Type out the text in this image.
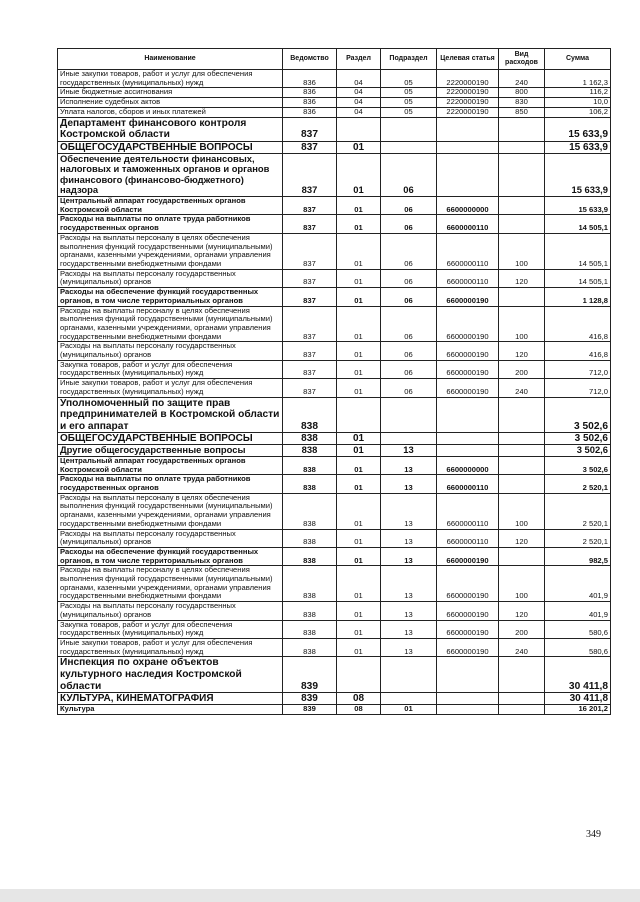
Наименование	Ведомство	Раздел	Подраздел	Целевая статья	Вид расходов	Сумма
Иные закупки товаров, работ и услуг для обеспечения государственных (муниципальных) нужд	836	04	05	2220000190	240	1 162,3
Иные бюджетные ассигнования	836	04	05	2220000190	800	116,2
Исполнение судебных актов	836	04	05	2220000190	830	10,0
Уплата налогов, сборов и иных платежей	836	04	05	2220000190	850	106,2
Департамент финансового контроля Костромской области	837					15 633,9
ОБЩЕГОСУДАРСТВЕННЫЕ ВОПРОСЫ	837	01				15 633,9
Обеспечение деятельности финансовых, налоговых и таможенных органов и органов финансового (финансово-бюджетного) надзора	837	01	06			15 633,9
Центральный аппарат государственных органов Костромской области	837	01	06	6600000000		15 633,9
Расходы на выплаты по оплате труда работников государственных органов	837	01	06	6600000110		14 505,1
Расходы на выплаты персоналу в целях обеспечения выполнения функций государственными (муниципальными) органами, казенными учреждениями, органами управления государственными внебюджетными фондами	837	01	06	6600000110	100	14 505,1
Расходы на выплаты персоналу государственных (муниципальных) органов	837	01	06	6600000110	120	14 505,1
Расходы на обеспечение функций государственных органов, в том числе территориальных органов	837	01	06	6600000190		1 128,8
Расходы на выплаты персоналу в целях обеспечения выполнения функций государственными (муниципальными) органами, казенными учреждениями, органами управления государственными внебюджетными фондами	837	01	06	6600000190	100	416,8
Расходы на выплаты персоналу государственных (муниципальных) органов	837	01	06	6600000190	120	416,8
Закупка товаров, работ и услуг для обеспечения государственных (муниципальных) нужд	837	01	06	6600000190	200	712,0
Иные закупки товаров, работ и услуг для обеспечения государственных (муниципальных) нужд	837	01	06	6600000190	240	712,0
Уполномоченный по защите прав предпринимателей в Костромской области и его аппарат	838					3 502,6
ОБЩЕГОСУДАРСТВЕННЫЕ ВОПРОСЫ	838	01				3 502,6
Другие общегосударственные вопросы	838	01	13			3 502,6
Центральный аппарат государственных органов Костромской области	838	01	13	6600000000		3 502,6
Расходы на выплаты по оплате труда работников государственных органов	838	01	13	6600000110		2 520,1
Расходы на выплаты персоналу в целях обеспечения выполнения функций государственными (муниципальными) органами, казенными учреждениями, органами управления государственными внебюджетными фондами	838	01	13	6600000110	100	2 520,1
Расходы на выплаты персоналу государственных (муниципальных) органов	838	01	13	6600000110	120	2 520,1
Расходы на обеспечение функций государственных органов, в том числе территориальных органов	838	01	13	6600000190		982,5
Расходы на выплаты персоналу в целях обеспечения выполнения функций государственными (муниципальными) органами, казенными учреждениями, органами управления государственными внебюджетными фондами	838	01	13	6600000190	100	401,9
Расходы на выплаты персоналу государственных (муниципальных) органов	838	01	13	6600000190	120	401,9
Закупка товаров, работ и услуг для обеспечения государственных (муниципальных) нужд	838	01	13	6600000190	200	580,6
Иные закупки товаров, работ и услуг для обеспечения государственных (муниципальных) нужд	838	01	13	6600000190	240	580,6
Инспекция по охране объектов культурного наследия Костромской области	839					30 411,8
КУЛЬТУРА, КИНЕМАТОГРАФИЯ	839	08				30 411,8
Культура	839	08	01			16 201,2
349
